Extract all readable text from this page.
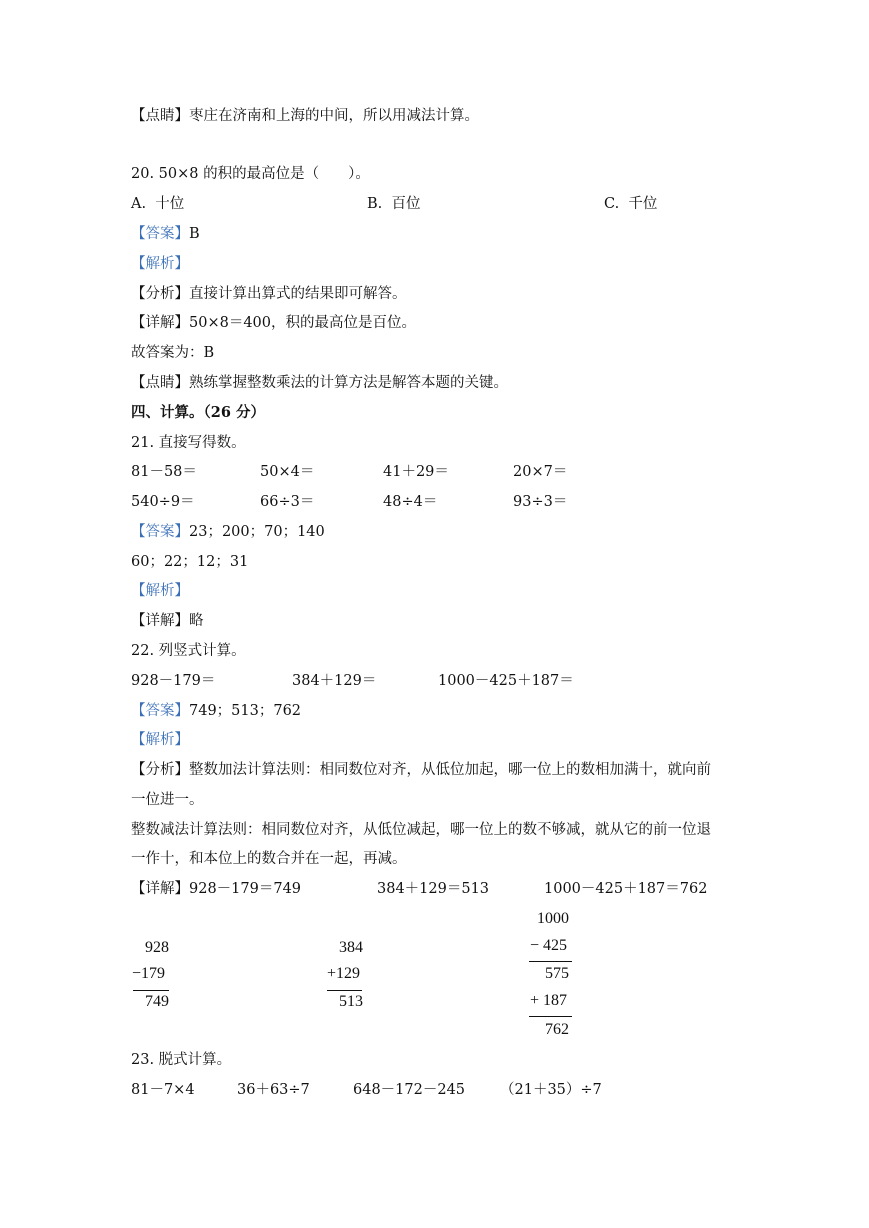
【点睛】枣庄在济南和上海的中间，所以用减法计算。
20. 50×8 的积的最高位是（　　）。
A.  十位	B.  百位	C.  千位
【答案】B
【解析】
【分析】直接计算出算式的结果即可解答。
【详解】50×8＝400，积的最高位是百位。
故答案为：B
【点睛】熟练掌握整数乘法的计算方法是解答本题的关键。
四、计算。（26 分）
21. 直接写得数。
81－58＝	50×4＝	41＋29＝	20×7＝
540÷9＝	66÷3＝	48÷4＝	93÷3＝
【答案】23；200；70；140
60；22；12；31
【解析】
【详解】略
22. 列竖式计算。
928－179＝	384＋129＝	1000－425＋187＝
【答案】749；513；762
【解析】
【分析】整数加法计算法则：相同数位对齐，从低位加起，哪一位上的数相加满十，就向前
一位进一。
整数减法计算法则：相同数位对齐，从低位减起，哪一位上的数不够减，就从它的前一位退
一作十，和本位上的数合并在一起，再减。
【详解】928－179＝749	384＋129＝513	1000－425＋187＝762
928
−179
749
384
+129
513
1000
− 425
575
+ 187
762
23. 脱式计算。
81－7×4	36＋63÷7	648－172－245 （21＋35）÷7
